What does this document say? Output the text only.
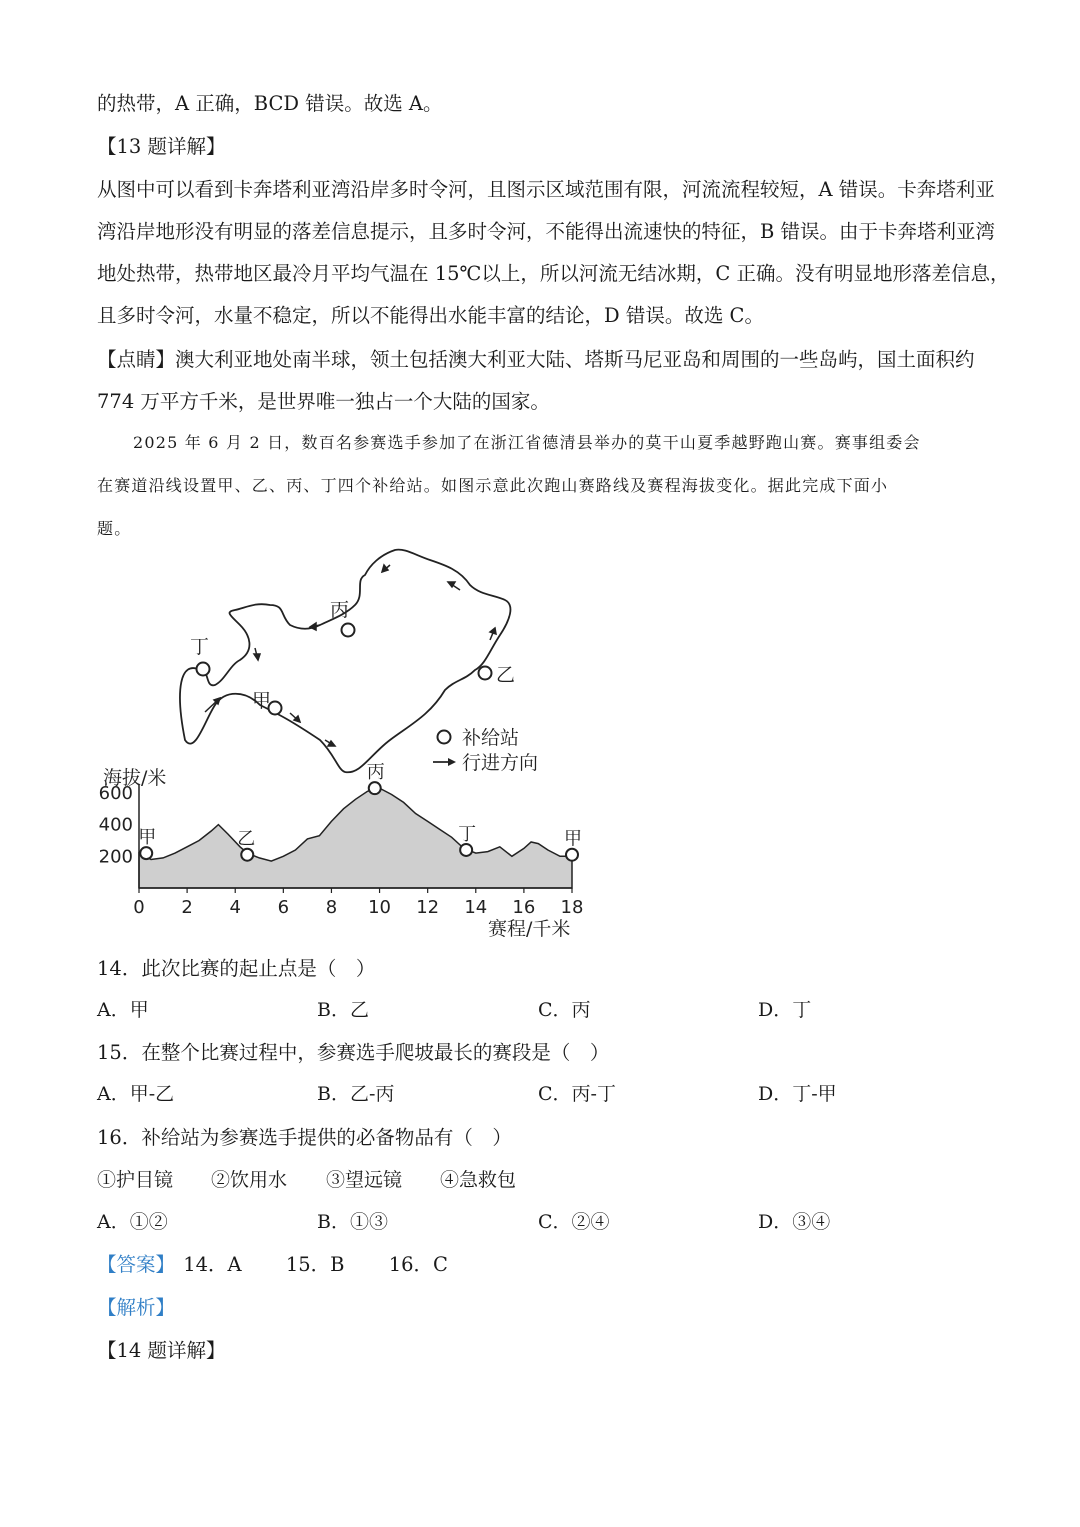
的热带，A 正确，BCD 错误。故选 A。
【13 题详解】
从图中可以看到卡奔塔利亚湾沿岸多时令河，且图示区域范围有限，河流流程较短，A 错误。卡奔塔利亚
湾沿岸地形没有明显的落差信息提示，且多时令河，不能得出流速快的特征，B 错误。由于卡奔塔利亚湾
地处热带，热带地区最冷月平均气温在 15℃以上，所以河流无结冰期，C 正确。没有明显地形落差信息，
且多时令河，水量不稳定，所以不能得出水能丰富的结论，D 错误。故选 C。
【点睛】澳大利亚地处南半球，领土包括澳大利亚大陆、塔斯马尼亚岛和周围的一些岛屿，国土面积约
774 万平方千米，是世界唯一独占一个大陆的国家。
2025 年 6 月 2 日，数百名参赛选手参加了在浙江省德清县举办的莫干山夏季越野跑山赛。赛事组委会
在赛道沿线设置甲、乙、丙、丁四个补给站。如图示意此次跑山赛路线及赛程海拔变化。据此完成下面小
题。
甲
乙
丙
丁
补给站
行进方向
海拔/米
赛程/千米
0 2 4 6 8 10 12 14 16 18
200
400
600
甲	乙
丙
丁	甲
14．此次比赛的起止点是（　）
A．甲	B．乙	C．丙	D．丁
15．在整个比赛过程中，参赛选手爬坡最长的赛段是（　）
A．甲-乙	B．乙-丙	C．丙-丁	D．丁-甲
16．补给站为参赛选手提供的必备物品有（　）
①护目镜 ②饮用水 ③望远镜 ④急救包
A．①②	B．①③	C．②④	D．③④
【答案】 14．A 15．B 16．C
【解析】
【14 题详解】
